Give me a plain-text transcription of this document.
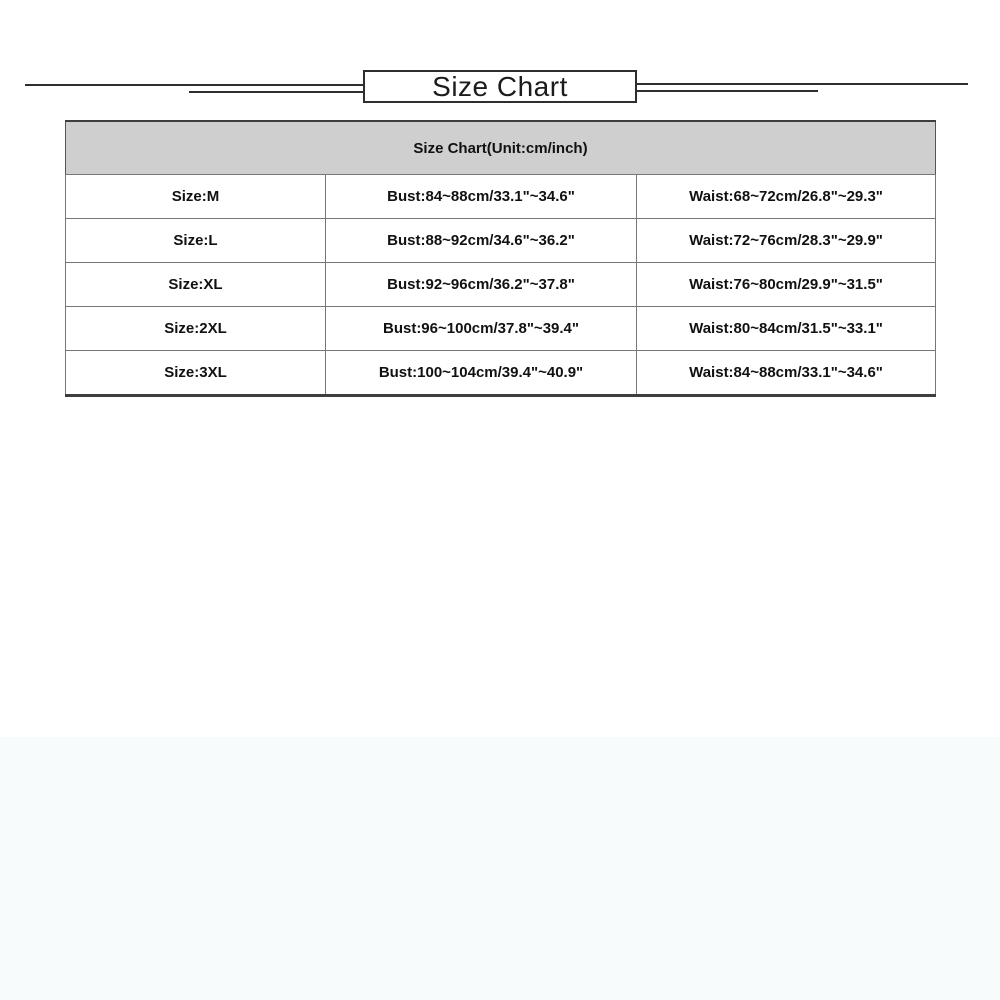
Size Chart
Size Chart(Unit:cm/inch)		
Size:M	Bust:84~88cm/33.1"~34.6"	Waist:68~72cm/26.8"~29.3"
Size:L	Bust:88~92cm/34.6"~36.2"	Waist:72~76cm/28.3"~29.9"
Size:XL	Bust:92~96cm/36.2"~37.8"	Waist:76~80cm/29.9"~31.5"
Size:2XL	Bust:96~100cm/37.8"~39.4"	Waist:80~84cm/31.5"~33.1"
Size:3XL	Bust:100~104cm/39.4"~40.9"	Waist:84~88cm/33.1"~34.6"
